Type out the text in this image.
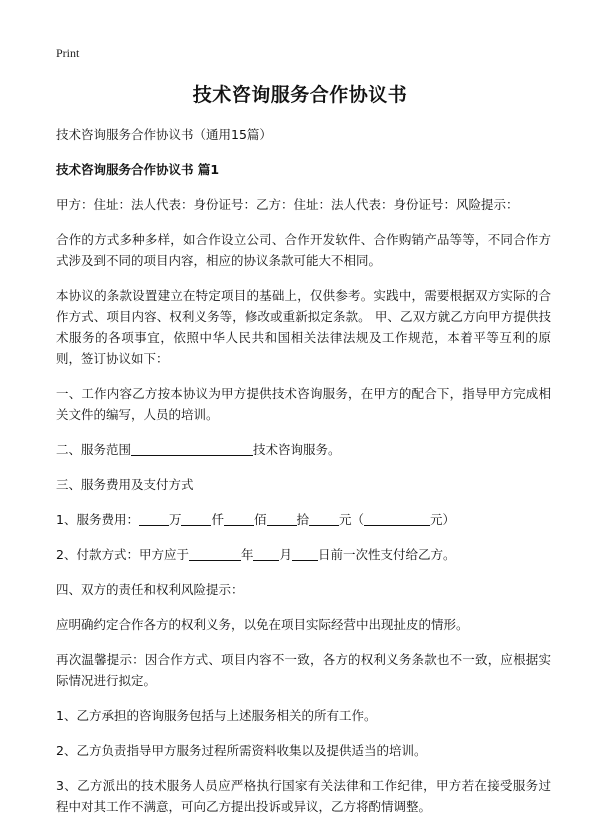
Print
技术咨询服务合作协议书

技术咨询服务合作协议书（通用15篇）

技术咨询服务合作协议书 篇1

甲方：住址：法人代表：身份证号：乙方：住址：法人代表：身份证号：风险提示：

合作的方式多种多样，如合作设立公司、合作开发软件、合作购销产品等等，不同合作方式涉及到不同的项目内容，相应的协议条款可能大不相同。

本协议的条款设置建立在特定项目的基础上，仅供参考。实践中，需要根据双方实际的合作方式、项目内容、权利义务等，修改或重新拟定条款。 甲、乙双方就乙方向甲方提供技术服务的各项事宜，依照中华人民共和国相关法律法规及工作规范，本着平等互利的原则，签订协议如下：

一、工作内容乙方按本协议为甲方提供技术咨询服务，在甲方的配合下，指导甲方完成相关文件的编写，人员的培训。

二、服务范围	技术咨询服务。

三、服务费用及支付方式

1、服务费用： 万 仟 佰 拾 元（	元）

2、付款方式：甲方应于	年 月 日前一次性支付给乙方。

四、双方的责任和权利风险提示：

应明确约定合作各方的权利义务，以免在项目实际经营中出现扯皮的情形。

再次温馨提示：因合作方式、项目内容不一致，各方的权利义务条款也不一致，应根据实际情况进行拟定。

1、乙方承担的咨询服务包括与上述服务相关的所有工作。

2、乙方负责指导甲方服务过程所需资料收集以及提供适当的培训。

3、乙方派出的技术服务人员应严格执行国家有关法律和工作纪律，甲方若在接受服务过程中对其工作不满意，可向乙方提出投诉或异议，乙方将酌情调整。
